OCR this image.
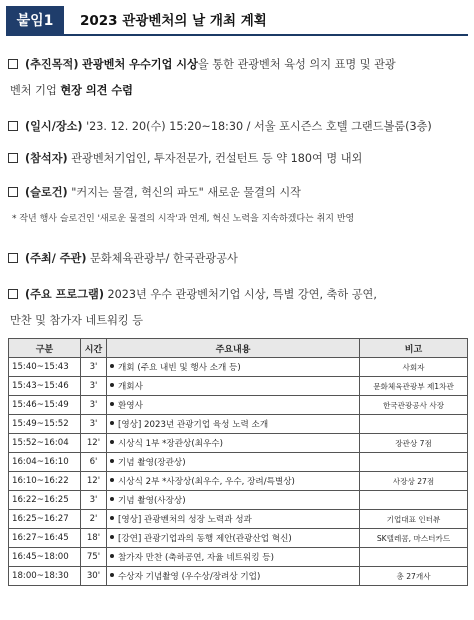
붙임1	2023 관광벤처의 날 개최 계획
(추진목적) 관광벤처 우수기업 시상을 통한 관광벤처 육성 의지 표명 및 관광
벤처 기업 현장 의견 수렴
(일시/장소) '23. 12. 20(수) 15:20~18:30 / 서울 포시즌스 호텔 그랜드볼룸(3층)
(참석자) 관광벤처기업인, 투자전문가, 컨설턴트 등 약 180여 명 내외
(슬로건) "커지는 물결, 혁신의 파도" 새로운 물결의 시작
* 작년 행사 슬로건인 '새로운 물결의 시작'과 연계, 혁신 노력을 지속하겠다는 취지 반영
(주최/ 주관) 문화체육관광부/ 한국관광공사
(주요 프로그램) 2023년 우수 관광벤처기업 시상, 특별 강연, 축하 공연,
만찬 및 참가자 네트워킹 등
구분	시간	주요내용	비고
15:40~15:43	3'	개회 (주요 내빈 및 행사 소개 등)	사회자
15:43~15:46	3'	개회사	문화체육관광부 제1차관
15:46~15:49	3'	환영사	한국관광공사 사장
15:49~15:52	3'	[영상] 2023년 관광기업 육성 노력 소개	
15:52~16:04	12'	시상식 1부 *장관상(최우수)	장관상 7점
16:04~16:10	6'	기념 촬영(장관상)	
16:10~16:22	12'	시상식 2부 *사장상(최우수, 우수, 장려/특별상)	사장상 27점
16:22~16:25	3'	기념 촬영(사장상)	
16:25~16:27	2'	[영상] 관광벤처의 성장 노력과 성과	기업대표 인터뷰
16:27~16:45	18'	[강연] 관광기업과의 동행 제안(관광산업 혁신)	SK텔레콤, 마스터카드
16:45~18:00	75'	참가자 만찬 (축하공연, 자율 네트워킹 등)	
18:00~18:30	30'	수상자 기념촬영 (우수상/장려상 기업)	총 27개사
